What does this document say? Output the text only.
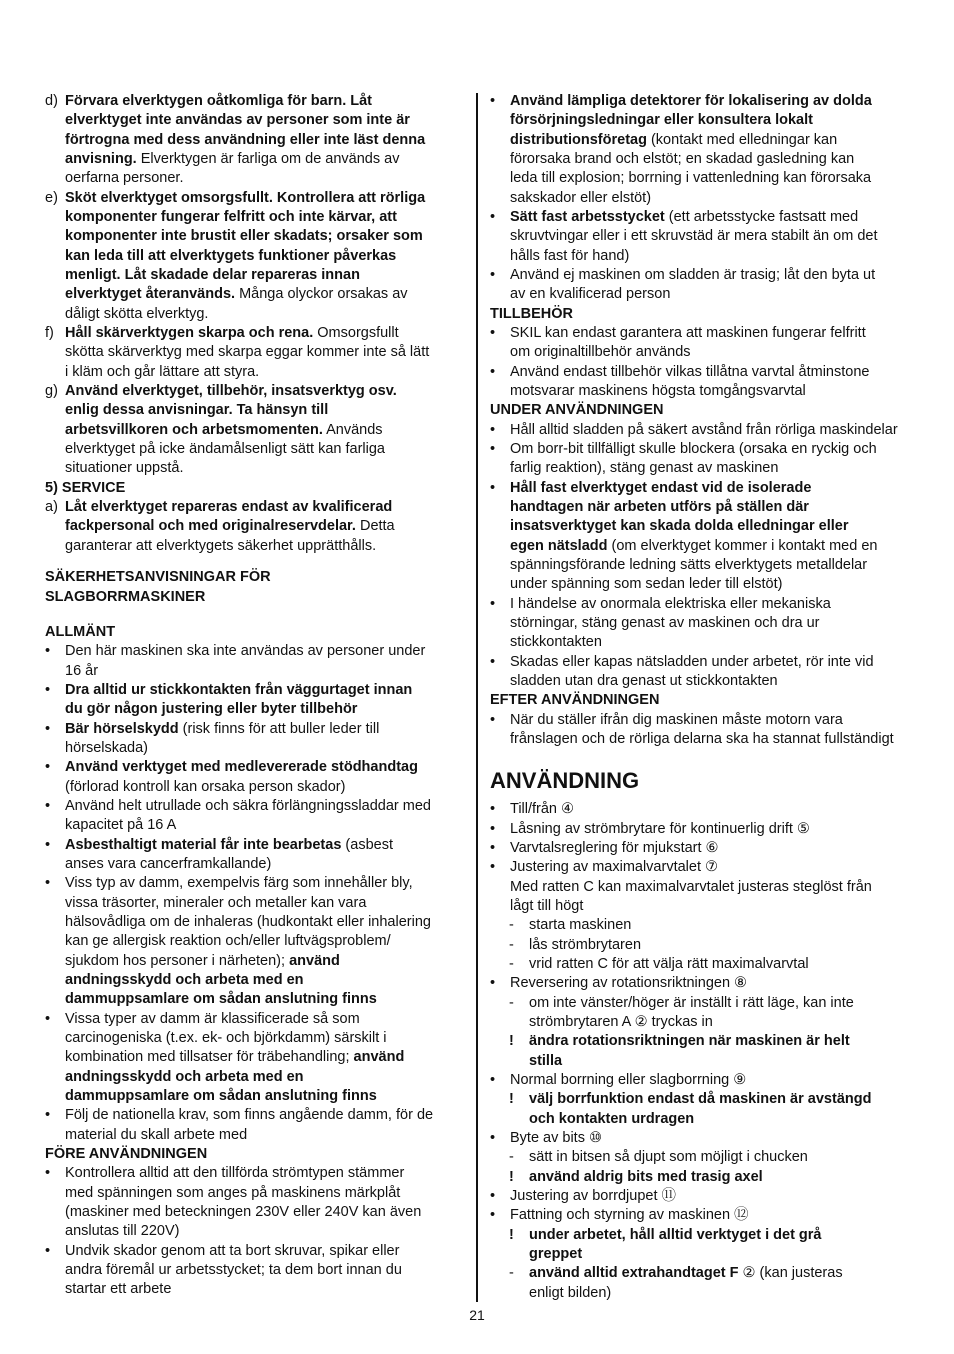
d) Förvara elverktygen oåtkomliga för barn. Låt
elverktyget inte användas av personer som inte är
förtrogna med dess användning eller inte läst denna
anvisning. Elverktygen är farliga om de används av
oerfarna personer.
e) Sköt elverktyget omsorgsfullt. Kontrollera att rörliga
komponenter fungerar felfritt och inte kärvar, att
komponenter inte brustit eller skadats; orsaker som
kan leda till att elverktygets funktioner påverkas
menligt. Låt skadade delar repareras innan
elverktyget återanvänds. Många olyckor orsakas av
dåligt skötta elverktyg.
f) Håll skärverktygen skarpa och rena. Omsorgsfullt
skötta skärverktyg med skarpa eggar kommer inte så lätt
i kläm och går lättare att styra.
g) Använd elverktyget, tillbehör, insatsverktyg osv.
enlig dessa anvisningar. Ta hänsyn till
arbetsvillkoren och arbetsmomenten. Används
elverktyget på icke ändamålsenligt sätt kan farliga
situationer uppstå.
5) SERVICE
a) Låt elverktyget repareras endast av kvalificerad
fackpersonal och med originalreservdelar. Detta
garanterar att elverktygets säkerhet upprätthålls.
SÄKERHETSANVISNINGAR FÖR
SLAGBORRMASKINER
ALLMÄNT
• Den här maskinen ska inte användas av personer under
16 år
• Dra alltid ur stickkontakten från väggurtaget innan
du gör någon justering eller byter tillbehör
• Bär hörselskydd (risk finns för att buller leder till
hörselskada)
• Använd verktyget med medlevererade stödhandtag
(förlorad kontroll kan orsaka person skador)
• Använd helt utrullade och säkra förlängningssladdar med
kapacitet på 16 A
• Asbesthaltigt material får inte bearbetas (asbest
anses vara cancerframkallande)
• Viss typ av damm, exempelvis färg som innehåller bly,
vissa träsorter, mineraler och metaller kan vara
hälsovådliga om de inhaleras (hudkontakt eller inhalering
kan ge allergisk reaktion och/eller luftvägsproblem/
sjukdom hos personer i närheten); använd
andningsskydd och arbeta med en
dammuppsamlare om sådan anslutning finns
• Vissa typer av damm är klassificerade så som
carcinogeniska (t.ex. ek- och björkdamm) särskilt i
kombination med tillsatser för träbehandling; använd
andningsskydd och arbeta med en
dammuppsamlare om sådan anslutning finns
• Följ de nationella krav, som finns angående damm, för de
material du skall arbete med
FÖRE ANVÄNDNINGEN
• Kontrollera alltid att den tillförda strömtypen stämmer
med spänningen som anges på maskinens märkplåt
(maskiner med beteckningen 230V eller 240V kan även
anslutas till 220V)
• Undvik skador genom att ta bort skruvar, spikar eller
andra föremål ur arbetsstycket; ta dem bort innan du
startar ett arbete
• Använd lämpliga detektorer för lokalisering av dolda
försörjningsledningar eller konsultera lokalt
distributionsföretag (kontakt med elledningar kan
förorsaka brand och elstöt; en skadad gasledning kan
leda till explosion; borrning i vattenledning kan förorsaka
sakskador eller elstöt)
• Sätt fast arbetsstycket (ett arbetsstycke fastsatt med
skruvtvingar eller i ett skruvstäd är mera stabilt än om det
hålls fast för hand)
• Använd ej maskinen om sladden är trasig; låt den byta ut
av en kvalificerad person
TILLBEHÖR
• SKIL kan endast garantera att maskinen fungerar felfritt
om originaltillbehör används
• Använd endast tillbehör vilkas tillåtna varvtal åtminstone
motsvarar maskinens högsta tomgångsvarvtal
UNDER ANVÄNDNINGEN
• Håll alltid sladden på säkert avstånd från rörliga maskindelar
• Om borr-bit tillfälligt skulle blockera (orsaka en ryckig och
farlig reaktion), stäng genast av maskinen
• Håll fast elverktyget endast vid de isolerade
handtagen när arbeten utförs på ställen där
insatsverktyget kan skada dolda elledningar eller
egen nätsladd (om elverktyget kommer i kontakt med en
spänningsförande ledning sätts elverktygets metalldelar
under spänning som sedan leder till elstöt)
• I händelse av onormala elektriska eller mekaniska
störningar, stäng genast av maskinen och dra ur
stickkontakten
• Skadas eller kapas nätsladden under arbetet, rör inte vid
sladden utan dra genast ut stickkontakten
EFTER ANVÄNDNINGEN
• När du ställer ifrån dig maskinen måste motorn vara
frånslagen och de rörliga delarna ska ha stannat fullständigt
ANVÄNDNING
• Till/från ④
• Låsning av strömbrytare för kontinuerlig drift ⑤
• Varvtalsreglering för mjukstart ⑥
• Justering av maximalvarvtalet ⑦
Med ratten C kan maximalvarvtalet justeras steglöst från
lågt till högt
- starta maskinen
- lås strömbrytaren
- vrid ratten C för att välja rätt maximalvarvtal
• Reversering av rotationsriktningen ⑧
- om inte vänster/höger är inställt i rätt läge, kan inte
strömbrytaren A ② tryckas in
! ändra rotationsriktningen när maskinen är helt
stilla
• Normal borrning eller slagborrning ⑨
! välj borrfunktion endast då maskinen är avstängd
och kontakten urdragen
• Byte av bits ⑩
- sätt in bitsen så djupt som möjligt i chucken
! använd aldrig bits med trasig axel
• Justering av borrdjupet ⑪
• Fattning och styrning av maskinen ⑫
! under arbetet, håll alltid verktyget i det grå
greppet
- använd alltid extrahandtaget F ② (kan justeras
enligt bilden)
21
